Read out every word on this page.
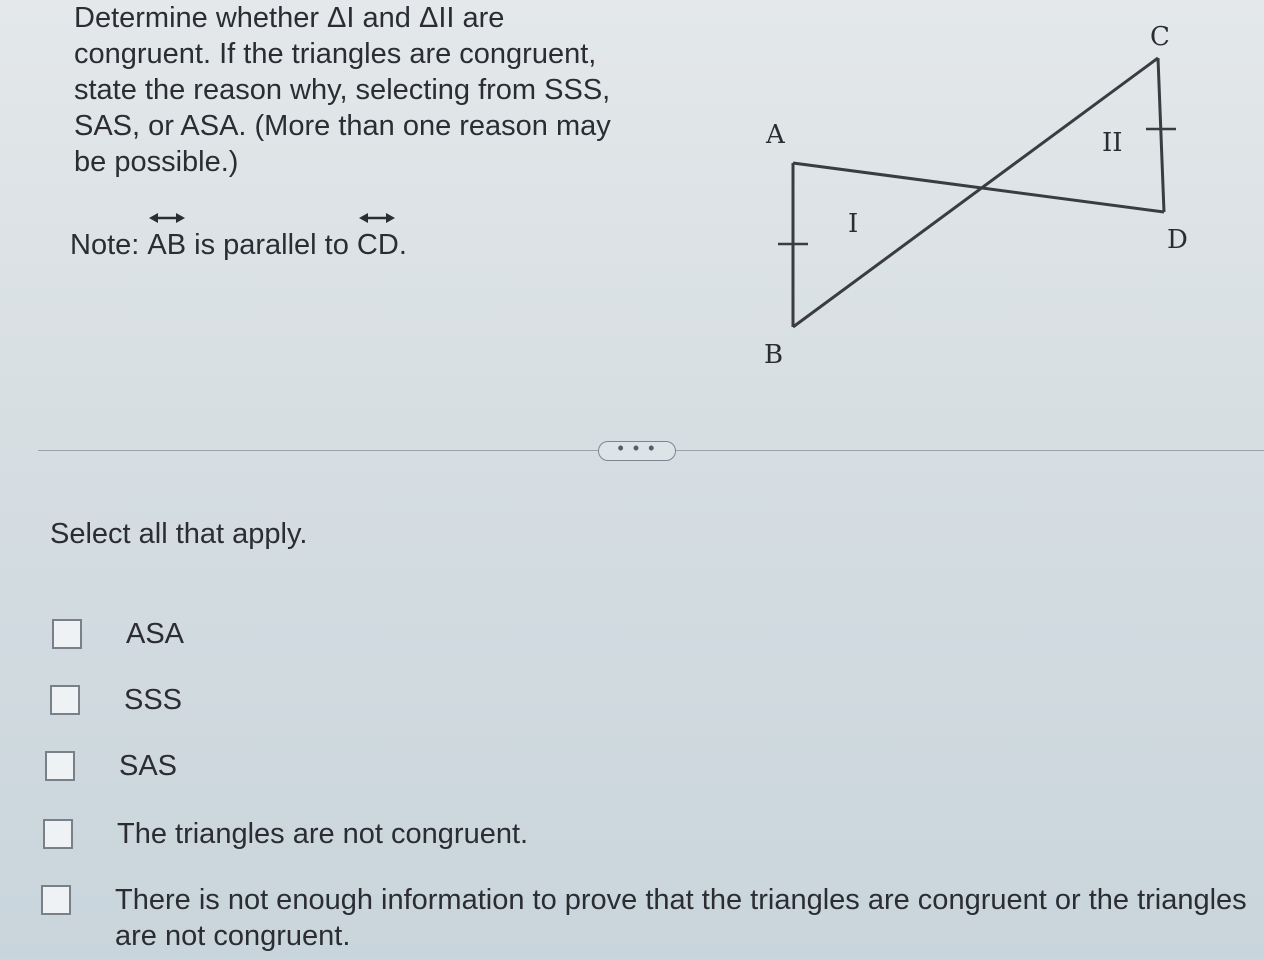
Determine whether ΔI and ΔII are
congruent. If the triangles are congruent,
state the reason why, selecting from SSS,
SAS, or ASA. (More than one reason may
be possible.)
Note:
AB is parallel to
CD.
A
B
C
D
I
II
• • •
Select all that apply.
ASA
SSS
SAS
The triangles are not congruent.
There is not enough information to prove that the triangles are congruent or the triangles are not congruent.
